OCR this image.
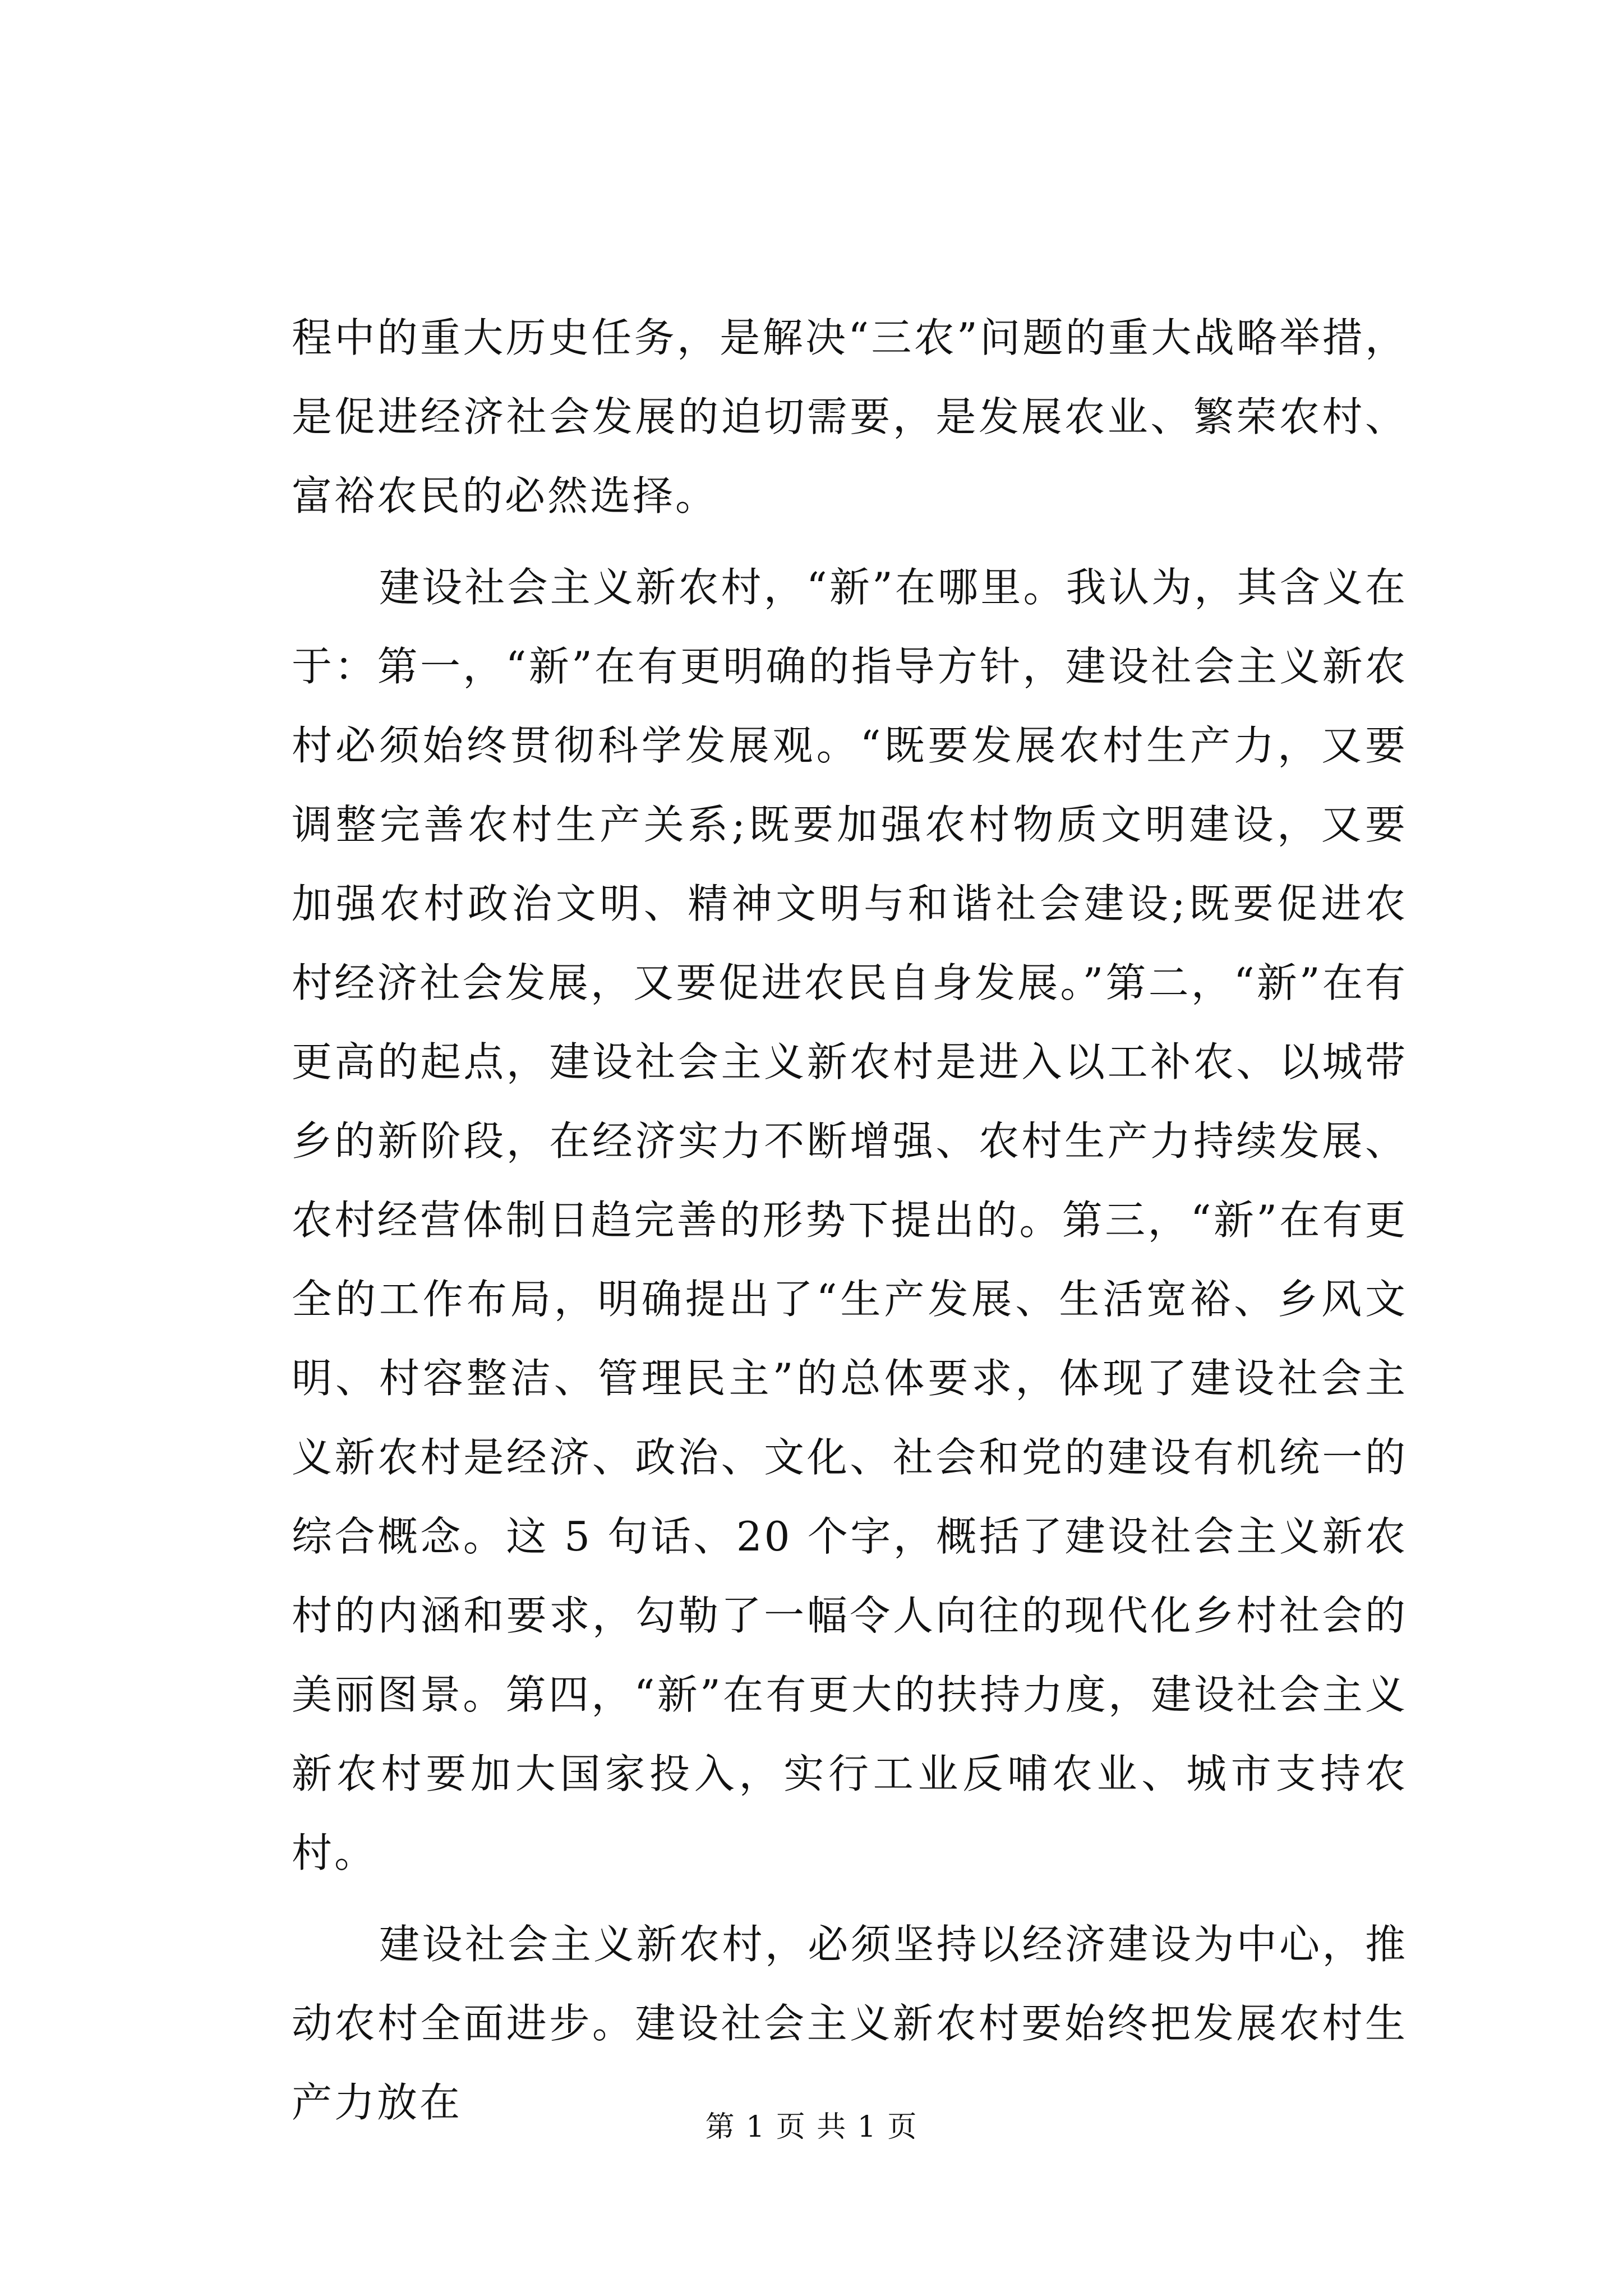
程中的重大历史任务，是解决“三农”问题的重大战略举措，是促进经济社会发展的迫切需要，是发展农业、繁荣农村、富裕农民的必然选择。

建设社会主义新农村，“新”在哪里。我认为，其含义在于：第一，“新”在有更明确的指导方针，建设社会主义新农村必须始终贯彻科学发展观。“既要发展农村生产力，又要调整完善农村生产关系;既要加强农村物质文明建设，又要加强农村政治文明、精神文明与和谐社会建设;既要促进农村经济社会发展，又要促进农民自身发展。”第二，“新”在有更高的起点，建设社会主义新农村是进入以工补农、以城带乡的新阶段，在经济实力不断增强、农村生产力持续发展、农村经营体制日趋完善的形势下提出的。第三，“新”在有更全的工作布局，明确提出了“生产发展、生活宽裕、乡风文明、村容整洁、管理民主”的总体要求，体现了建设社会主义新农村是经济、政治、文化、社会和党的建设有机统一的综合概念。这 5 句话、20 个字，概括了建设社会主义新农村的内涵和要求，勾勒了一幅令人向往的现代化乡村社会的美丽图景。第四，“新”在有更大的扶持力度，建设社会主义新农村要加大国家投入，实行工业反哺农业、城市支持农村。

建设社会主义新农村，必须坚持以经济建设为中心，推动农村全面进步。建设社会主义新农村要始终把发展农村生产力放在

第 1 页 共 1 页
